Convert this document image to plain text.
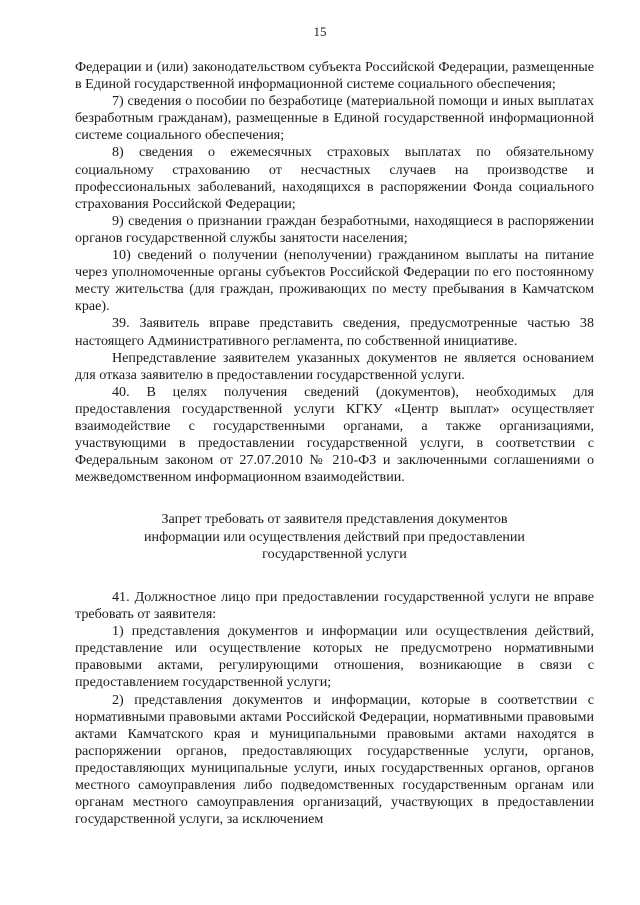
15

Федерации и (или) законодательством субъекта Российской Федерации, размещенные в Единой государственной информационной системе социального обеспечения;

7) сведения о пособии по безработице (материальной помощи и иных выплатах безработным гражданам), размещенные в Единой государственной информационной системе социального обеспечения;

8) сведения о ежемесячных страховых выплатах по обязательному социальному страхованию от несчастных случаев на производстве и профессиональных заболеваний, находящихся в распоряжении Фонда социального страхования Российской Федерации;

9) сведения о признании граждан безработными, находящиеся в распоряжении органов государственной службы занятости населения;

10) сведений о получении (неполучении) гражданином выплаты на питание через уполномоченные органы субъектов Российской Федерации по его постоянному месту жительства (для граждан, проживающих по месту пребывания в Камчатском крае).

39. Заявитель вправе представить сведения, предусмотренные частью 38 настоящего Административного регламента, по собственной инициативе.

Непредставление заявителем указанных документов не является основанием для отказа заявителю в предоставлении государственной услуги.

40. В целях получения сведений (документов), необходимых для предоставления государственной услуги КГКУ «Центр выплат» осуществляет взаимодействие с государственными органами, а также организациями, участвующими в предоставлении государственной услуги, в соответствии с Федеральным законом от 27.07.2010 № 210-ФЗ и заключенными соглашениями о межведомственном информационном взаимодействии.

Запрет требовать от заявителя представления документов

информации или осуществления действий при предоставлении

государственной услуги

41. Должностное лицо при предоставлении государственной услуги не вправе требовать от заявителя:

1) представления документов и информации или осуществления действий, представление или осуществление которых не предусмотрено нормативными правовыми актами, регулирующими отношения, возникающие в связи с предоставлением государственной услуги;

2) представления документов и информации, которые в соответствии с нормативными правовыми актами Российской Федерации, нормативными правовыми актами Камчатского края и муниципальными правовыми актами находятся в распоряжении органов, предоставляющих государственные услуги, органов, предоставляющих муниципальные услуги, иных государственных органов, органов местного самоуправления либо подведомственных государственным органам или органам местного самоуправления организаций, участвующих в предоставлении государственной услуги, за исключением
